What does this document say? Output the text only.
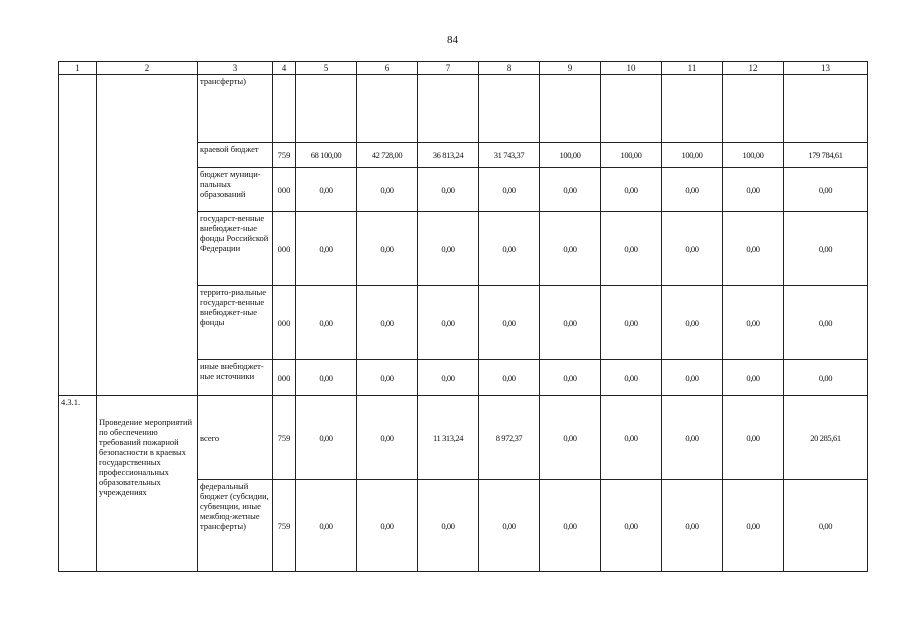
84
1	2	3	4	5	6	7	8	9	10	11	12	13
		трансферты)										
		краевой бюджет	759	68 100,00	42 728,00	36 813,24	31 743,37	100,00	100,00	100,00	100,00	179 784,61
		бюджет муници-пальных образований	000	0,00	0,00	0,00	0,00	0,00	0,00	0,00	0,00	0,00
		государст-венные внебюджет-ные фонды Российской Федерации	000	0,00	0,00	0,00	0,00	0,00	0,00	0,00	0,00	0,00
		террито-риальные государст-венные внебюджет-ные фонды	000	0,00	0,00	0,00	0,00	0,00	0,00	0,00	0,00	0,00
		иные внебюджет-ные источники	000	0,00	0,00	0,00	0,00	0,00	0,00	0,00	0,00	0,00
4.3.1.	Проведение мероприятий по обеспечению требований пожарной безопасности в краевых государственных профессиональных образовательных учреждениях	всего	759	0,00	0,00	11 313,24	8 972,37	0,00	0,00	0,00	0,00	20 285,61
		федеральный бюджет (субсидии, субвенции, иные межбюд-жетные трансферты)	759	0,00	0,00	0,00	0,00	0,00	0,00	0,00	0,00	0,00
